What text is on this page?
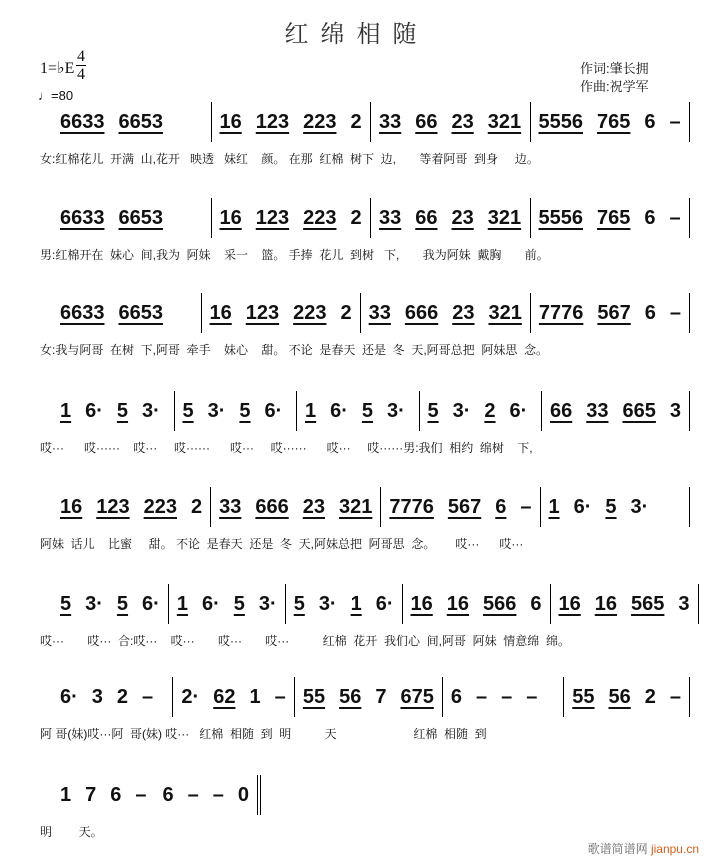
红绵相随
1=♭E
4
4
♩=80
作词:肇长拥
作曲:祝学军
6633 6653	16 123 223 2 33 66 23 321 5556 765 6 –
女:红棉花儿  开满  山,花开   映透   妹红    颜。 在那  红棉  树下  边,       等着阿哥  到身     边。
6633 6653	16 123 223 2 33 66 23 321 5556 765 6 –
男:红棉开在  妹心  间,我为  阿妹    采一    篮。 手捧  花儿  到树   下,       我为阿妹  戴胸       前。
6633 6653 16 123 223 2 33 666 23 321 7776 567 6 –
女:我与阿哥  在树  下,阿哥  牵手    妹心    甜。 不论  是春天  还是  冬  天,阿哥总把  阿妹思  念。
1 6· 5 3· 5 3· 5 6· 1 6· 5 3· 5 3· 2 6· 66 33 665 3
哎···      哎······    哎···     哎······      哎···     哎······      哎···     哎······男:我们  相约  绵树    下,
16 123 223 2 33 666 23 321 7776 567 6 – 1 6· 5 3·
阿妹  话儿    比蜜     甜。 不论  是春天  还是  冬  天,阿妹总把  阿哥思  念。      哎···      哎···
5 3· 5 6· 1 6· 5 3· 5 3· 1 6· 16 16 566 6 16 16 565 3
哎···       哎···  合:哎···    哎···       哎···       哎···          红棉  花开  我们心  间,阿哥  阿妹  情意绵  绵。
6· 3 2 – 2· 62 1 – 55 56 7 675 6 – – – 55 56 2 –
阿 哥(妹)哎···阿  哥(妹) 哎···   红棉  相随  到  明          天                       红棉  相随  到
1 7 6 – 6 – – 0
明        天。
歌谱简谱网 jianpu.cn
